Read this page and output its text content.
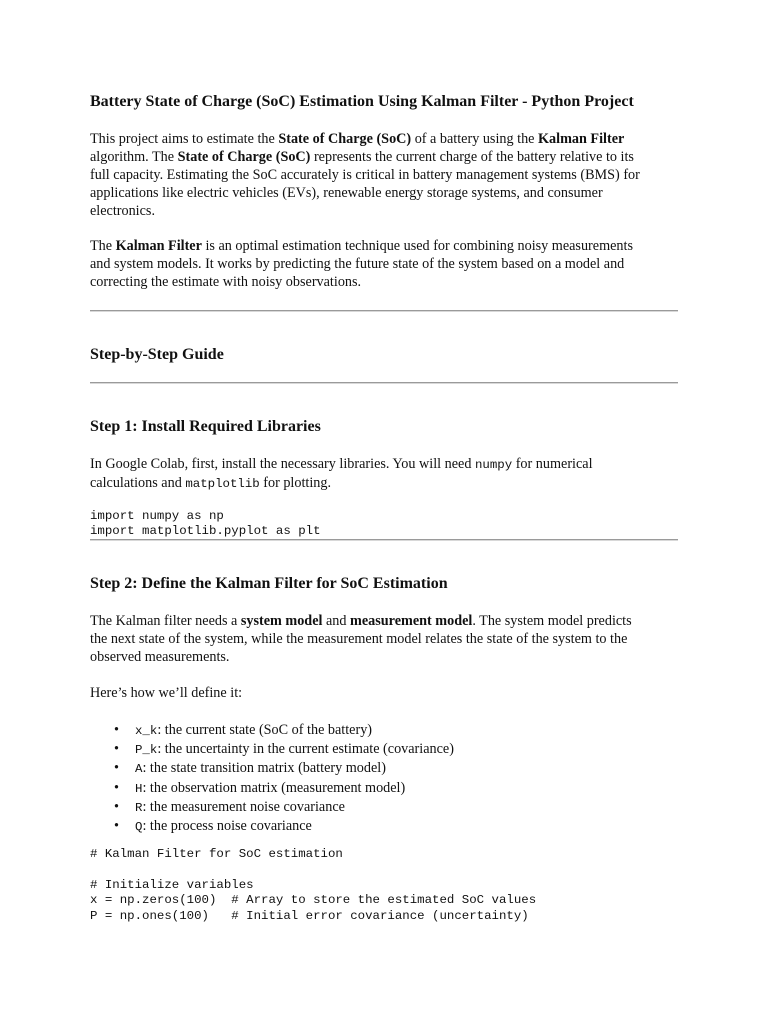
Battery State of Charge (SoC) Estimation Using Kalman Filter - Python Project

This project aims to estimate the State of Charge (SoC) of a battery using the Kalman Filter
algorithm. The State of Charge (SoC) represents the current charge of the battery relative to its
full capacity. Estimating the SoC accurately is critical in battery management systems (BMS) for
applications like electric vehicles (EVs), renewable energy storage systems, and consumer
electronics.

The Kalman Filter is an optimal estimation technique used for combining noisy measurements
and system models. It works by predicting the future state of the system based on a model and
correcting the estimate with noisy observations.

Step-by-Step Guide
Step 1: Install Required Libraries

In Google Colab, first, install the necessary libraries. You will need numpy for numerical
calculations and matplotlib for plotting.

import numpy as np
import matplotlib.pyplot as plt
Step 2: Define the Kalman Filter for SoC Estimation

The Kalman filter needs a system model and measurement model. The system model predicts
the next state of the system, while the measurement model relates the state of the system to the
observed measurements.

Here’s how we’ll define it:

• x_k: the current state (SoC of the battery)
• P_k: the uncertainty in the current estimate (covariance)
• A: the state transition matrix (battery model)
• H: the observation matrix (measurement model)
• R: the measurement noise covariance
• Q: the process noise covariance
# Kalman Filter for SoC estimation

# Initialize variables
x = np.zeros(100)  # Array to store the estimated SoC values
P = np.ones(100)   # Initial error covariance (uncertainty)
